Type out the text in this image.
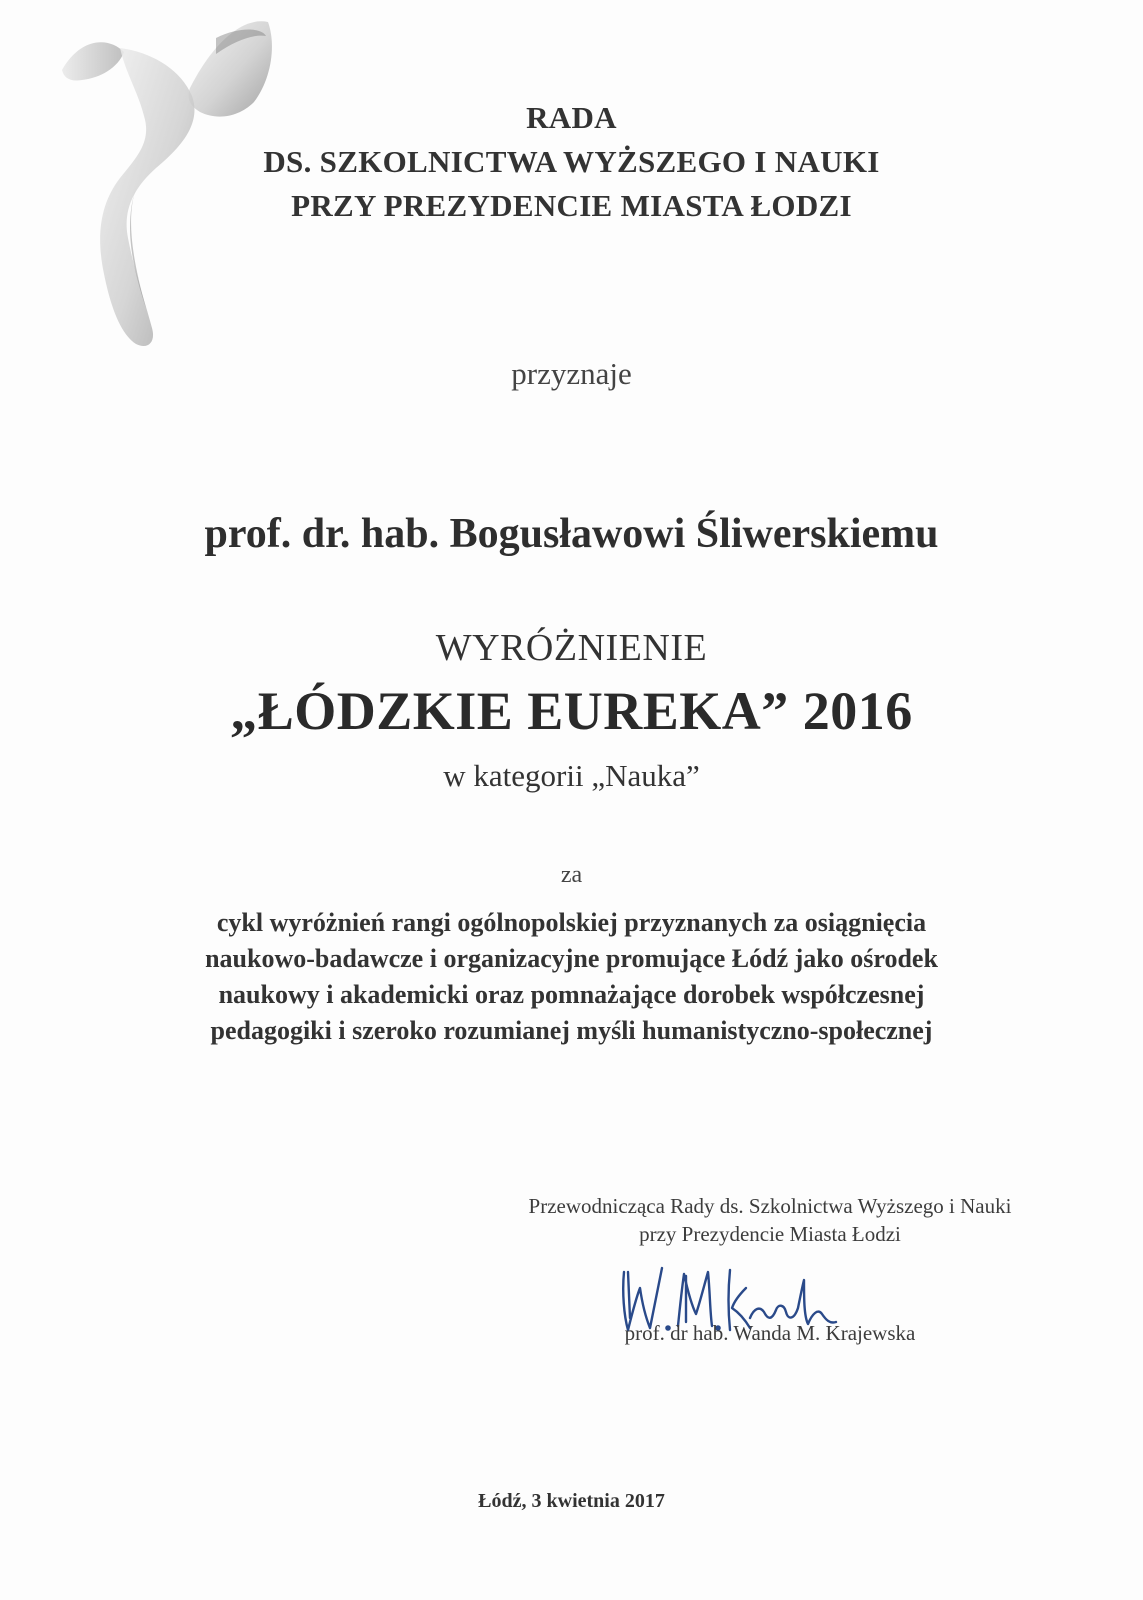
RADA
DS. SZKOLNICTWA WYŻSZEGO I NAUKI
PRZY PREZYDENCIE MIASTA ŁODZI
przyznaje
prof. dr. hab. Bogusławowi Śliwerskiemu
WYRÓŻNIENIE
„ŁÓDZKIE EUREKA” 2016
w kategorii „Nauka”
za
cykl wyróżnień rangi ogólnopolskiej przyznanych za osiągnięcia
naukowo-badawcze i organizacyjne promujące Łódź jako ośrodek
naukowy i akademicki oraz pomnażające dorobek współczesnej
pedagogiki i szeroko rozumianej myśli humanistyczno-społecznej
Przewodnicząca Rady ds. Szkolnictwa Wyższego i Nauki
przy Prezydencie Miasta Łodzi
prof. dr hab. Wanda M. Krajewska
Łódź, 3 kwietnia 2017
